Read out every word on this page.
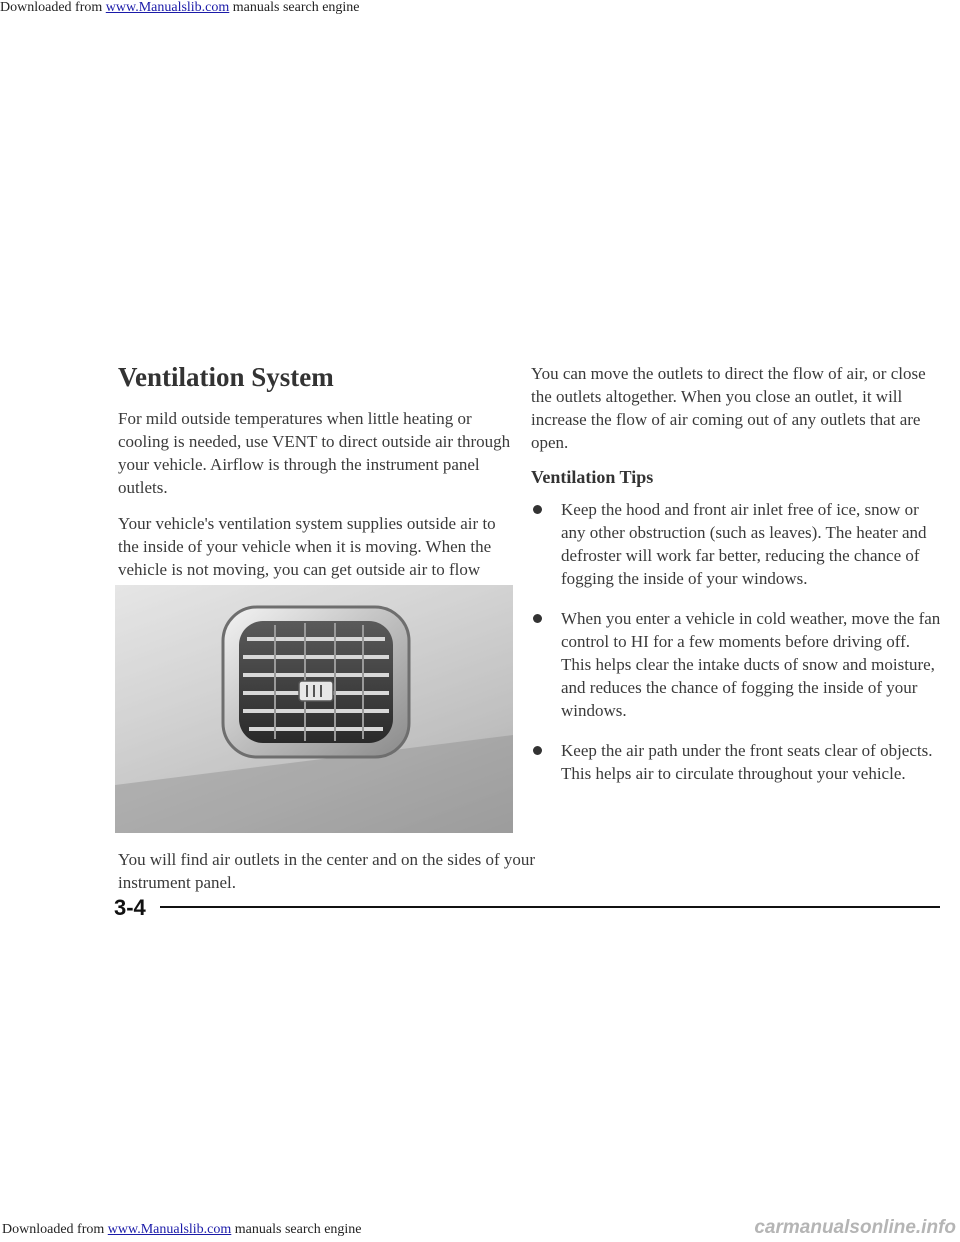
Downloaded from www.Manualslib.com manuals search engine
Ventilation System

For mild outside temperatures when little heating or cooling is needed, use VENT to direct outside air through your vehicle. Airflow is through the instrument panel outlets.

Your vehicle's ventilation system supplies outside air to the inside of your vehicle when it is moving. When the vehicle is not moving, you can get outside air to flow

You will find air outlets in the center and on the sides of your instrument panel.

You can move the outlets to direct the flow of air, or close the outlets altogether. When you close an outlet, it will increase the flow of air coming out of any outlets that are open.

Ventilation Tips
Keep the hood and front air inlet free of ice, snow or any other obstruction (such as leaves). The heater and defroster will work far better, reducing the chance of fogging the inside of your windows.
When you enter a vehicle in cold weather, move the fan control to HI for a few moments before driving off. This helps clear the intake ducts of snow and moisture, and reduces the chance of fogging the inside of your windows.
Keep the air path under the front seats clear of objects. This helps air to circulate throughout your vehicle.
3-4
Downloaded from www.Manualslib.com manuals search engine	carmanualsonline.info
